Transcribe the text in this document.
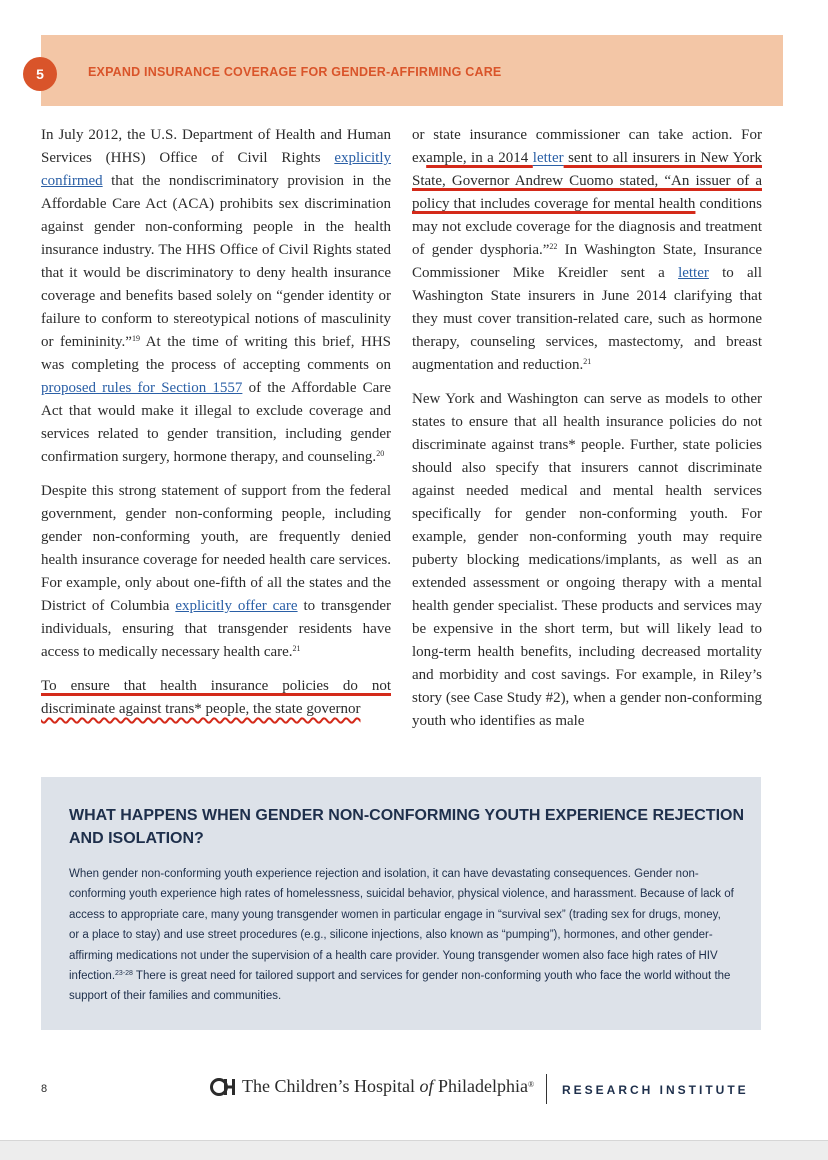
5	EXPAND INSURANCE COVERAGE FOR GENDER-AFFIRMING CARE

In July 2012, the U.S. Department of Health and Human Services (HHS) Office of Civil Rights explicitly confirmed that the nondiscriminatory provision in the Affordable Care Act (ACA) prohibits sex discrimination against gender non-conforming people in the health insurance industry. The HHS Office of Civil Rights stated that it would be discriminatory to deny health insurance coverage and benefits based solely on “gender identity or failure to conform to stereotypical notions of masculinity or femininity.”$^{19}$ At the time of writing this brief, HHS was completing the process of accepting comments on proposed rules for Section 1557 of the Affordable Care Act that would make it illegal to exclude coverage and services related to gender transition, including gender confirmation surgery, hormone therapy, and counseling.$^{20}$

Despite this strong statement of support from the federal government, gender non-conforming people, including gender non-conforming youth, are frequently denied health insurance coverage for needed health care services. For example, only about one-fifth of all the states and the District of Columbia explicitly offer care to transgender individuals, ensuring that transgender residents have access to medically necessary health care.$^{21}$

To ensure that health insurance policies do not
discriminate against trans* people, the state governor

or state insurance commissioner can take action. For example, in a 2014 letter sent to all insurers in New York State, Governor Andrew Cuomo stated, “An issuer of a policy that includes coverage for mental health conditions may not exclude coverage for the diagnosis and treatment of gender dysphoria.”$^{22}$ In Washington State, Insurance Commissioner Mike Kreidler sent a letter to all Washington State insurers in June 2014 clarifying that they must cover transition-related care, such as hormone therapy, counseling services, mastectomy, and breast augmentation and reduction.$^{21}$

New York and Washington can serve as models to other states to ensure that all health insurance policies do not discriminate against trans* people. Further, state policies should also specify that insurers cannot discriminate against needed medical and mental health services specifically for gender non-conforming youth. For example, gender non-conforming youth may require puberty blocking medications/implants, as well as an extended assessment or ongoing therapy with a mental health gender specialist. These products and services may be expensive in the short term, but will likely lead to long-term health benefits, including decreased mortality and morbidity and cost savings. For example, in Riley’s story (see Case Study #2), when a gender non-conforming youth who identifies as male

WHAT HAPPENS WHEN GENDER NON-CONFORMING YOUTH EXPERIENCE REJECTION AND ISOLATION?
When gender non-conforming youth experience rejection and isolation, it can have devastating consequences. Gender non-conforming youth experience high rates of homelessness, suicidal behavior, physical violence, and harassment. Because of lack of access to appropriate care, many young transgender women in particular engage in “survival sex” (trading sex for drugs, money, or a place to stay) and use street procedures (e.g., silicone injections, also known as “pumping”), hormones, and other gender-affirming medications not under the supervision of a health care provider. Young transgender women also face high rates of HIV infection.$^{23-28}$ There is great need for tailored support and services for gender non-conforming youth who face the world without the support of their families and communities.
8	The Children’s Hospital of Philadelphia® RESEARCH INSTITUTE
